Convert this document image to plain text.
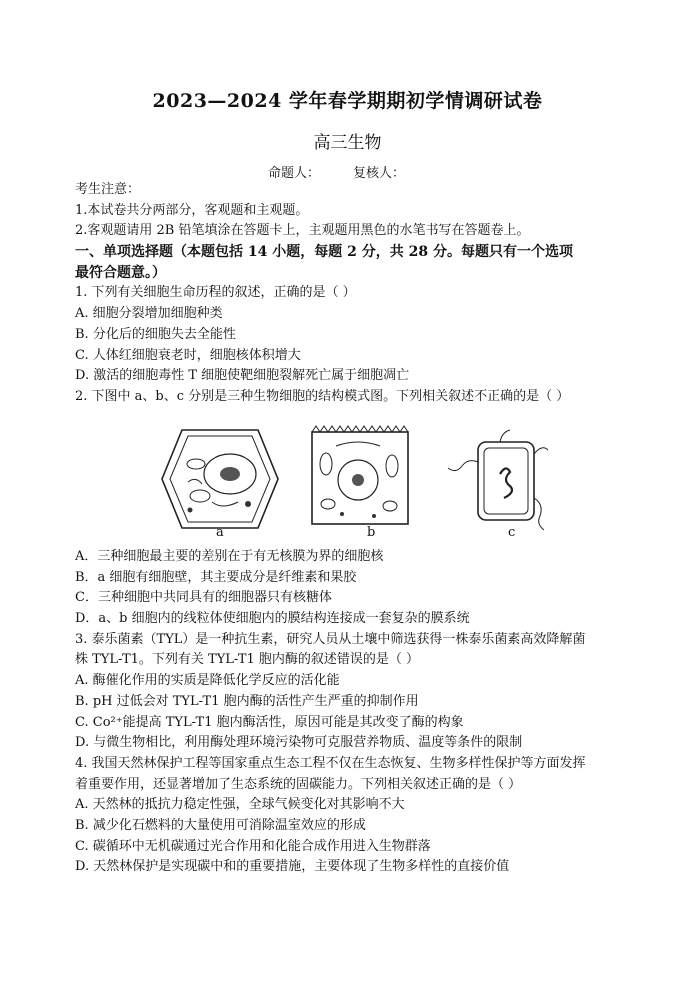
2023—2024 学年春学期期初学情调研试卷
高三生物
命题人：        复核人：
考生注意：
1.本试卷共分两部分，客观题和主观题。
2.客观题请用 2B 铅笔填涂在答题卡上，主观题用黑色的水笔书写在答题卷上。
一、单项选择题（本题包括 14 小题，每题 2 分，共 28 分。每题只有一个选项
最符合题意。）
1. 下列有关细胞生命历程的叙述，正确的是（ ）
A. 细胞分裂增加细胞种类
B. 分化后的细胞失去全能性
C. 人体红细胞衰老时，细胞核体积增大
D. 激活的细胞毒性 T 细胞使靶细胞裂解死亡属于细胞凋亡
2. 下图中 a、b、c 分别是三种生物细胞的结构模式图。下列相关叙述不正确的是（ ）
a	b	c
A．三种细胞最主要的差别在于有无核膜为界的细胞核
B．a 细胞有细胞壁，其主要成分是纤维素和果胶
C．三种细胞中共同具有的细胞器只有核糖体
D．a、b 细胞内的线粒体使细胞内的膜结构连接成一套复杂的膜系统
3. 泰乐菌素（TYL）是一种抗生素，研究人员从土壤中筛选获得一株泰乐菌素高效降解菌
株 TYL-T1。下列有关 TYL-T1 胞内酶的叙述错误的是（ ）
A. 酶催化作用的实质是降低化学反应的活化能
B. pH 过低会对 TYL-T1 胞内酶的活性产生严重的抑制作用
C. Co²⁺能提高 TYL-T1 胞内酶活性，原因可能是其改变了酶的构象
D. 与微生物相比，利用酶处理环境污染物可克服营养物质、温度等条件的限制
4. 我国天然林保护工程等国家重点生态工程不仅在生态恢复、生物多样性保护等方面发挥
着重要作用，还显著增加了生态系统的固碳能力。下列相关叙述正确的是（ ）
A. 天然林的抵抗力稳定性强，全球气候变化对其影响不大
B. 减少化石燃料的大量使用可消除温室效应的形成
C. 碳循环中无机碳通过光合作用和化能合成作用进入生物群落
D. 天然林保护是实现碳中和的重要措施，主要体现了生物多样性的直接价值
